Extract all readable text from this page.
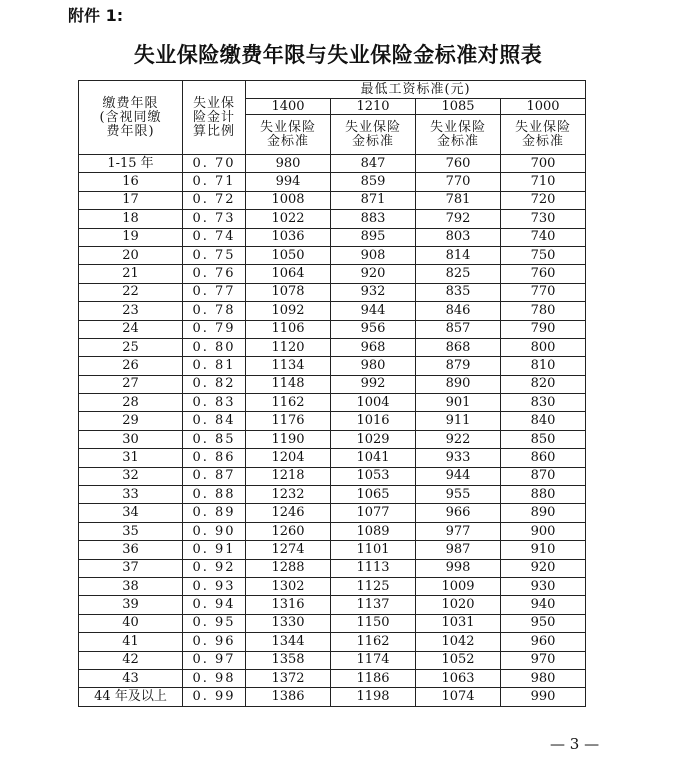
附件 1:
失业保险缴费年限与失业保险金标准对照表
缴费年限
(含视同缴
费年限)	失业保
险金计
算比例	最低工资标准(元)			
		1400	1210	1085	1000

		失业保险
金标准	失业保险
金标准	失业保险
金标准	失业保险
金标准

1-15 年	0. 70	980	847	760	700
16	0. 71	994	859	770	710
17	0. 72	1008	871	781	720
18	0. 73	1022	883	792	730
19	0. 74	1036	895	803	740
20	0. 75	1050	908	814	750
21	0. 76	1064	920	825	760
22	0. 77	1078	932	835	770
23	0. 78	1092	944	846	780
24	0. 79	1106	956	857	790
25	0. 80	1120	968	868	800
26	0. 81	1134	980	879	810
27	0. 82	1148	992	890	820
28	0. 83	1162	1004	901	830
29	0. 84	1176	1016	911	840
30	0. 85	1190	1029	922	850
31	0. 86	1204	1041	933	860
32	0. 87	1218	1053	944	870
33	0. 88	1232	1065	955	880
34	0. 89	1246	1077	966	890
35	0. 90	1260	1089	977	900
36	0. 91	1274	1101	987	910
37	0. 92	1288	1113	998	920
38	0. 93	1302	1125	1009	930
39	0. 94	1316	1137	1020	940
40	0. 95	1330	1150	1031	950
41	0. 96	1344	1162	1042	960
42	0. 97	1358	1174	1052	970
43	0. 98	1372	1186	1063	980
44 年及以上	0. 99	1386	1198	1074	990
— 3 —
